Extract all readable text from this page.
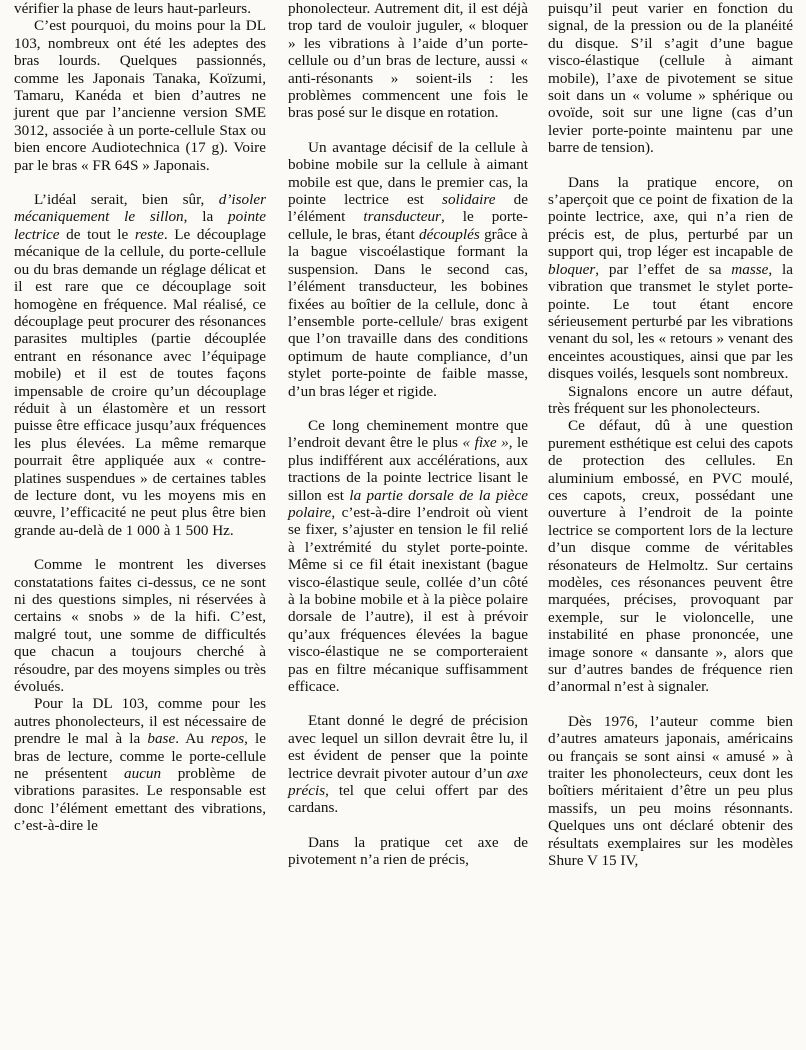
vérifier la phase de leurs haut-parleurs.

C’est pourquoi, du moins pour la DL 103, nombreux ont été les adeptes des bras lourds. Quelques passionnés, comme les Japonais Tanaka, Koïzumi, Tamaru, Kanéda et bien d’autres ne jurent que par l’ancienne version SME 3012, associée à un porte-cellule Stax ou bien encore Audiotechnica (17 g). Voire par le bras « FR 64S » Japonais.

L’idéal serait, bien sûr, d’isoler mécaniquement le sillon, la pointe lectrice de tout le reste. Le découplage mécanique de la cellule, du porte-cellule ou du bras demande un réglage délicat et il est rare que ce découplage soit homogène en fréquence. Mal réalisé, ce découplage peut procurer des résonances parasites multiples (partie découplée entrant en résonance avec l’équipage mobile) et il est de toutes façons impensable de croire qu’un découplage réduit à un élastomère et un ressort puisse être efficace jusqu’aux fréquences les plus élevées. La même remarque pourrait être appliquée aux « contre-platines suspendues » de certaines tables de lecture dont, vu les moyens mis en œuvre, l’efficacité ne peut plus être bien grande au-delà de 1 000 à 1 500 Hz.

Comme le montrent les diverses constatations faites ci-dessus, ce ne sont ni des questions simples, ni réservées à certains « snobs » de la hifi. C’est, malgré tout, une somme de difficultés que chacun a toujours cherché à résoudre, par des moyens simples ou très évolués.

Pour la DL 103, comme pour les autres phonolecteurs, il est nécessaire de prendre le mal à la base. Au repos, le bras de lecture, comme le porte-cellule ne présentent aucun problème de vibrations parasites. Le responsable est donc l’élément emettant des vibrations, c’est-à-dire le

phonolecteur. Autrement dit, il est déjà trop tard de vouloir juguler, « bloquer » les vibrations à l’aide d’un porte-cellule ou d’un bras de lecture, aussi « anti-résonants » soient-ils : les problèmes commencent une fois le bras posé sur le disque en rotation.

Un avantage décisif de la cellule à bobine mobile sur la cellule à aimant mobile est que, dans le premier cas, la pointe lectrice est solidaire de l’élément transducteur, le porte-cellule, le bras, étant découplés grâce à la bague viscoélastique formant la suspension. Dans le second cas, l’élément transducteur, les bobines fixées au boîtier de la cellule, donc à l’ensemble porte-cellule/ bras exigent que l’on travaille dans des conditions optimum de haute compliance, d’un stylet porte-pointe de faible masse, d’un bras léger et rigide.

Ce long cheminement montre que l’endroit devant être le plus « fixe », le plus indifférent aux accélérations, aux tractions de la pointe lectrice lisant le sillon est la partie dorsale de la pièce polaire, c’est-à-dire l’endroit où vient se fixer, s’ajuster en tension le fil relié à l’extrémité du stylet porte-pointe. Même si ce fil était inexistant (bague visco-élastique seule, collée d’un côté à la bobine mobile et à la pièce polaire dorsale de l’autre), il est à prévoir qu’aux fréquences élevées la bague visco-élastique ne se comporteraient pas en filtre mécanique suffisamment efficace.

Etant donné le degré de précision avec lequel un sillon devrait être lu, il est évident de penser que la pointe lectrice devrait pivoter autour d’un axe précis, tel que celui offert par des cardans.

Dans la pratique cet axe de pivotement n’a rien de précis,

puisqu’il peut varier en fonction du signal, de la pression ou de la planéité du disque. S’il s’agit d’une bague visco-élastique (cellule à aimant mobile), l’axe de pivotement se situe soit dans un « volume » sphérique ou ovoïde, soit sur une ligne (cas d’un levier porte-pointe maintenu par une barre de tension).

Dans la pratique encore, on s’aperçoit que ce point de fixation de la pointe lectrice, axe, qui n’a rien de précis est, de plus, perturbé par un support qui, trop léger est incapable de bloquer, par l’effet de sa masse, la vibration que transmet le stylet porte-pointe. Le tout étant encore sérieusement perturbé par les vibrations venant du sol, les « retours » venant des enceintes acoustiques, ainsi que par les disques voilés, lesquels sont nombreux.

Signalons encore un autre défaut, très fréquent sur les phonolecteurs.

Ce défaut, dû à une question purement esthétique est celui des capots de protection des cellules. En aluminium embossé, en PVC moulé, ces capots, creux, possédant une ouverture à l’endroit de la pointe lectrice se comportent lors de la lecture d’un disque comme de véritables résonateurs de Helmoltz. Sur certains modèles, ces résonances peuvent être marquées, précises, provoquant par exemple, sur le violoncelle, une instabilité en phase prononcée, une image sonore « dansante », alors que sur d’autres bandes de fréquence rien d’anormal n’est à signaler.

Dès 1976, l’auteur comme bien d’autres amateurs japonais, américains ou français se sont ainsi « amusé » à traiter les phonolecteurs, ceux dont les boîtiers méritaient d’être un peu plus massifs, un peu moins résonnants. Quelques uns ont déclaré obtenir des résultats exemplaires sur les modèles Shure V 15 IV,
